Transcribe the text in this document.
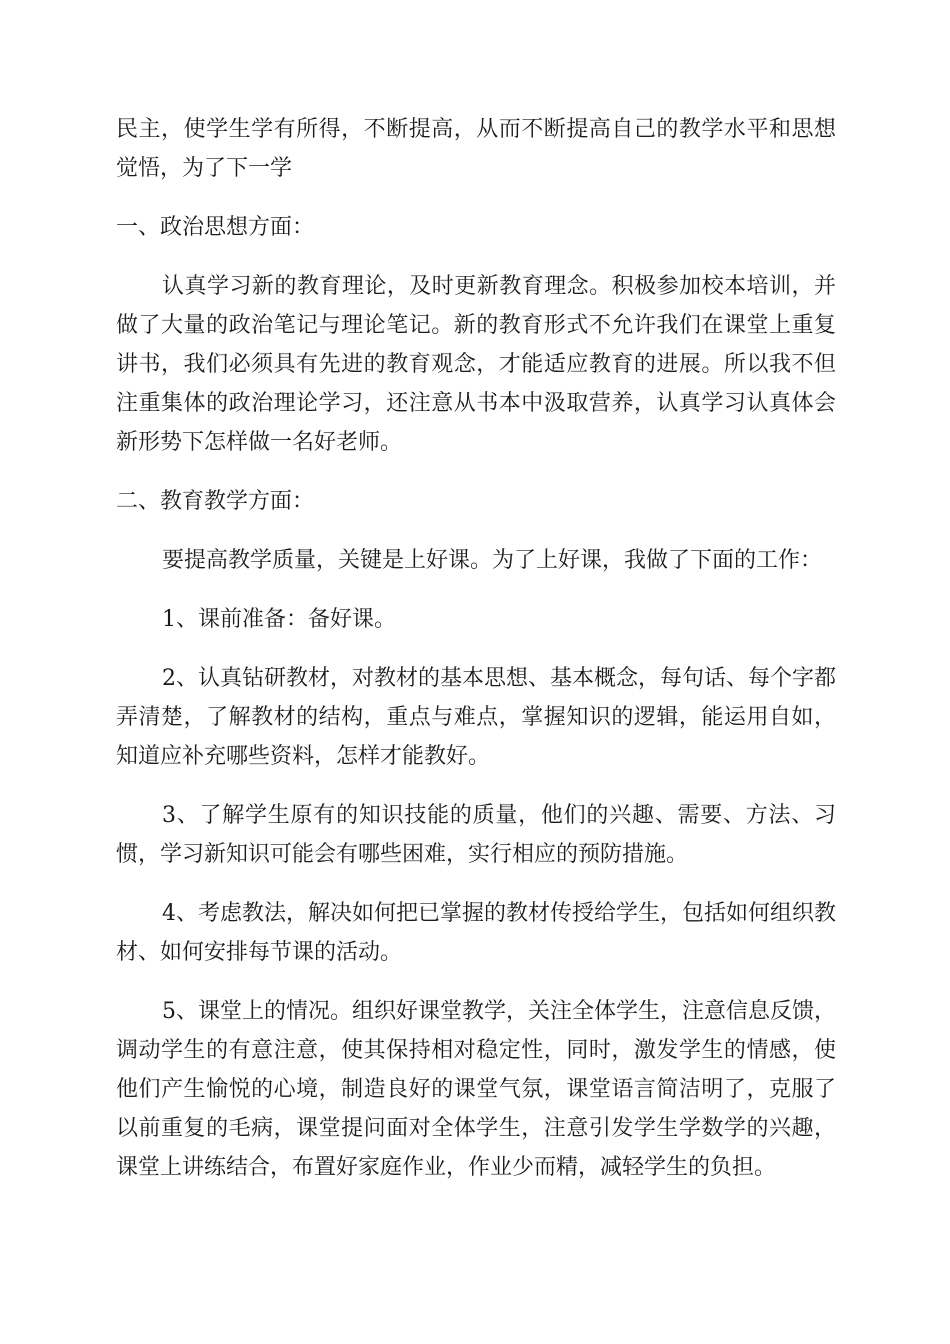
民主，使学生学有所得，不断提高，从而不断提高自己的教学水平和思想觉悟，为了下一学

一、政治思想方面：

认真学习新的教育理论，及时更新教育理念。积极参加校本培训，并做了大量的政治笔记与理论笔记。新的教育形式不允许我们在课堂上重复讲书，我们必须具有先进的教育观念，才能适应教育的进展。所以我不但注重集体的政治理论学习，还注意从书本中汲取营养，认真学习认真体会新形势下怎样做一名好老师。

二、教育教学方面：

要提高教学质量，关键是上好课。为了上好课，我做了下面的工作：

1、课前准备：备好课。

2、认真钻研教材，对教材的基本思想、基本概念，每句话、每个字都弄清楚，了解教材的结构，重点与难点，掌握知识的逻辑，能运用自如，知道应补充哪些资料，怎样才能教好。

3、了解学生原有的知识技能的质量，他们的兴趣、需要、方法、习惯，学习新知识可能会有哪些困难，实行相应的预防措施。

4、考虑教法，解决如何把已掌握的教材传授给学生，包括如何组织教材、如何安排每节课的活动。

5、课堂上的情况。组织好课堂教学，关注全体学生，注意信息反馈，调动学生的有意注意，使其保持相对稳定性，同时，激发学生的情感，使他们产生愉悦的心境，制造良好的课堂气氛，课堂语言简洁明了，克服了以前重复的毛病，课堂提问面对全体学生，注意引发学生学数学的兴趣，课堂上讲练结合，布置好家庭作业，作业少而精，减轻学生的负担。
